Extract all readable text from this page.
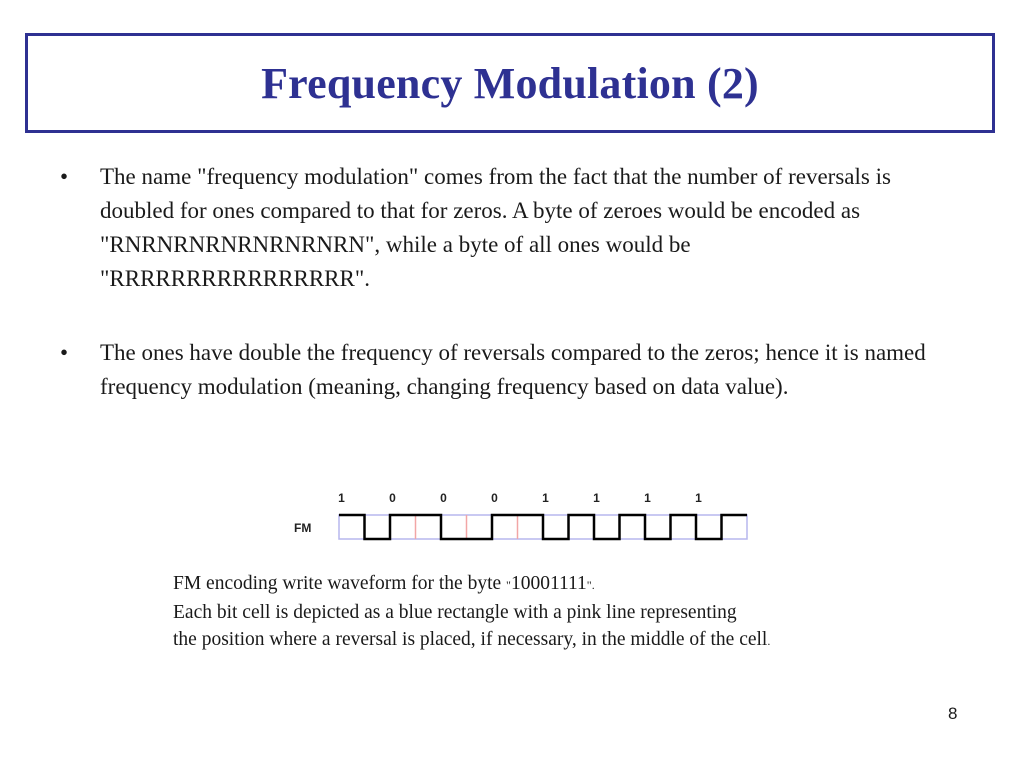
Frequency Modulation (2)
• The name "frequency modulation" comes from the fact that the number of reversals is doubled for ones compared to that for zeros. A byte of zeroes would be encoded as "RNRNRNRNRNRNRNRN", while a byte of all ones would be "RRRRRRRRRRRRRRRR".
• The ones have double the frequency of reversals compared to the zeros; hence it is named frequency modulation (meaning, changing frequency based on data value).
FM
1	0	0	0	1	1	1	1
FM encoding write waveform for the byte "10001111".
Each bit cell is depicted as a blue rectangle with a pink line representing
the position where a reversal is placed, if necessary, in the middle of the cell.
8
